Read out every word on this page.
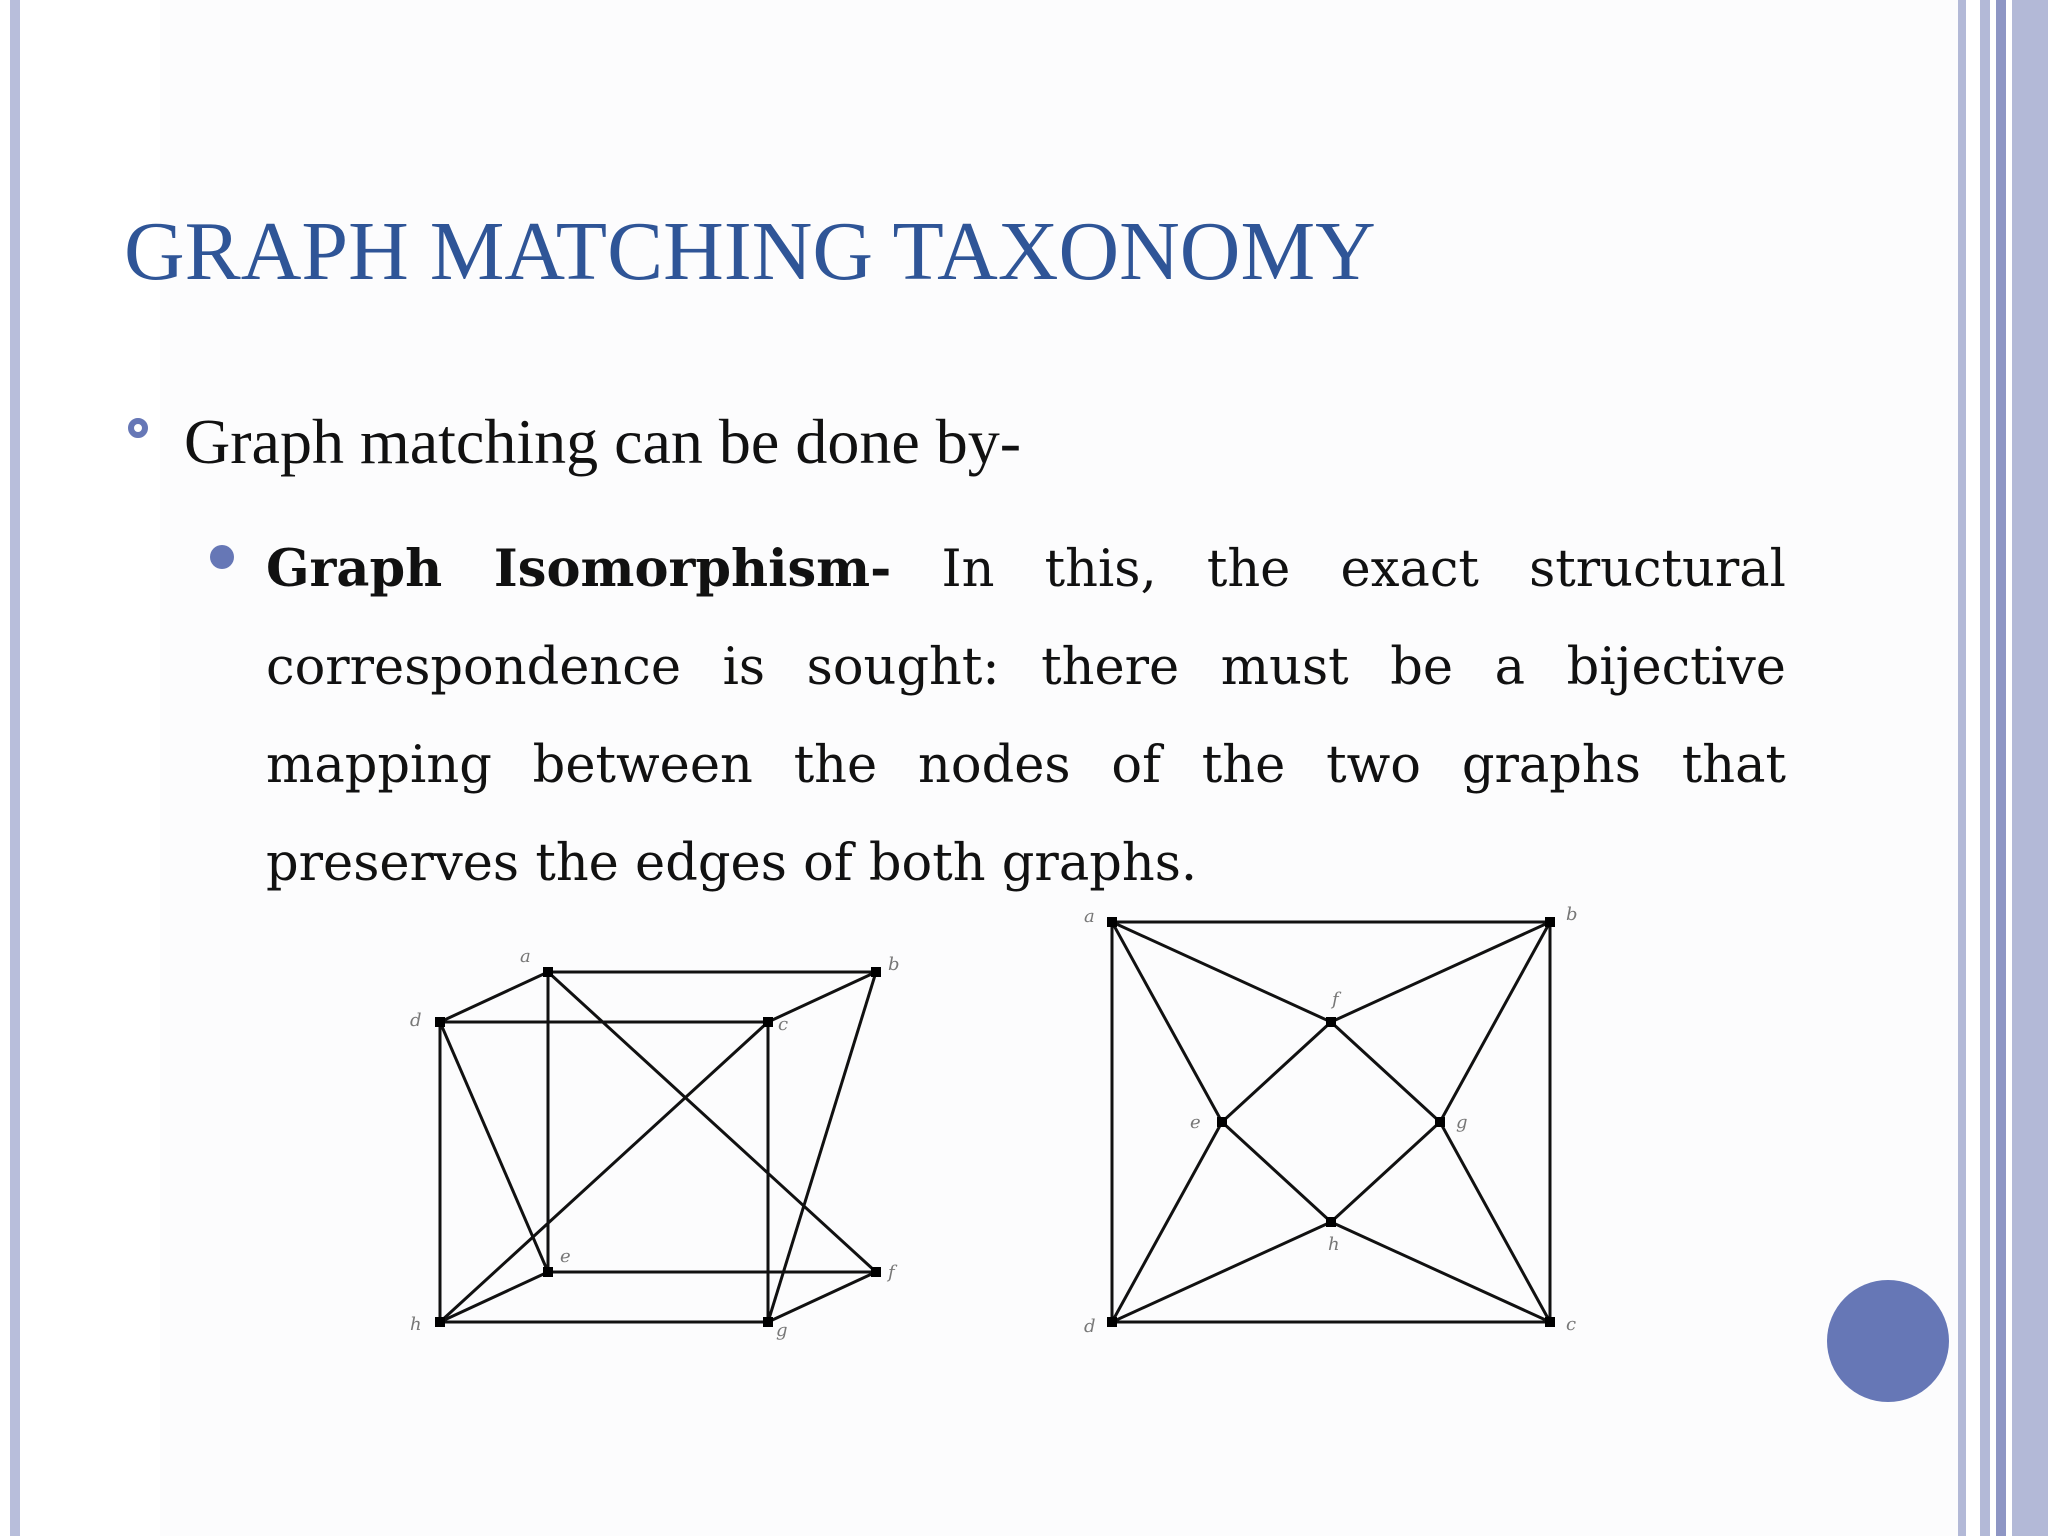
GRAPH MATCHING TAXONOMY
Graph matching can be done by-
Graph Isomorphism- In this, the exact structural correspondence is sought: there must be a bijective mapping between the nodes of the two graphs that preserves the edges of both graphs.
a	b
c
d
e
f
g
h
a	b
c
d
e
f
g
h
